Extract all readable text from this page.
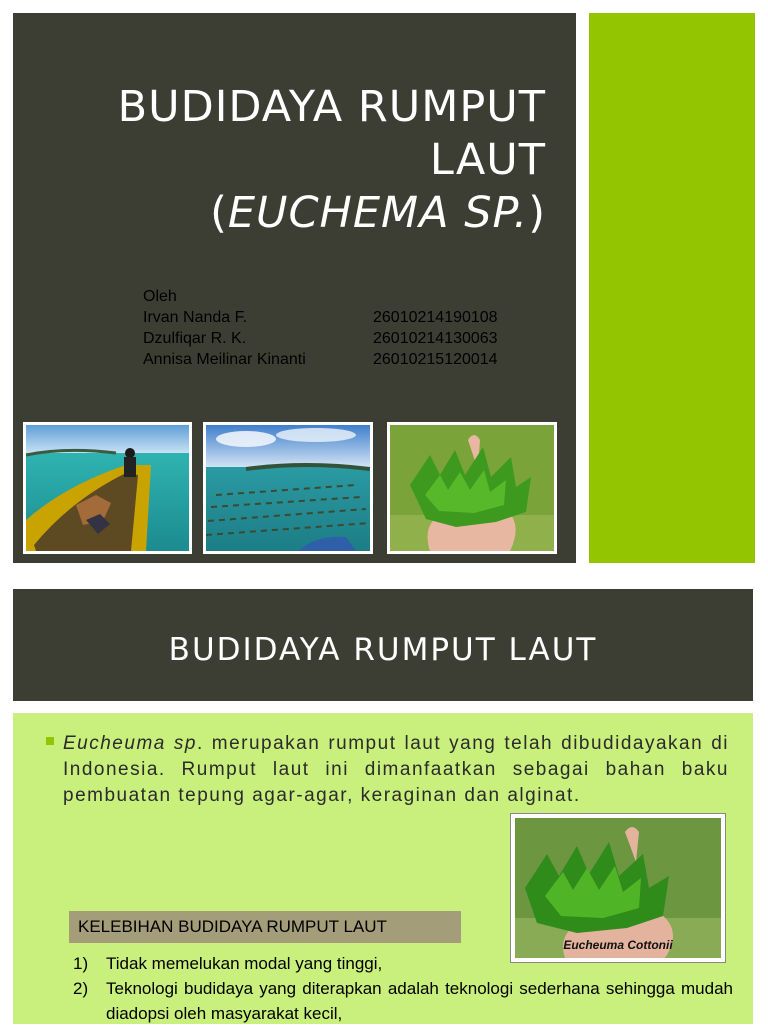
BUDIDAYA RUMPUT
LAUT
(EUCHEMA SP.)
Oleh
Irvan Nanda F.	26010214190108
Dzulfiqar R. K.	26010214130063
Annisa Meilinar Kinanti	26010215120014
BUDIDAYA RUMPUT LAUT
Eucheuma sp. merupakan rumput laut yang telah dibudidayakan di Indonesia. Rumput laut ini dimanfaatkan sebagai bahan baku pembuatan tepung agar-agar, keraginan dan alginat.
Eucheuma Cottonii
KELEBIHAN BUDIDAYA RUMPUT LAUT
1)	Tidak memelukan modal yang tinggi,
2)	Teknologi budidaya yang diterapkan adalah teknologi sederhana sehingga mudah diadopsi oleh masyarakat kecil,
